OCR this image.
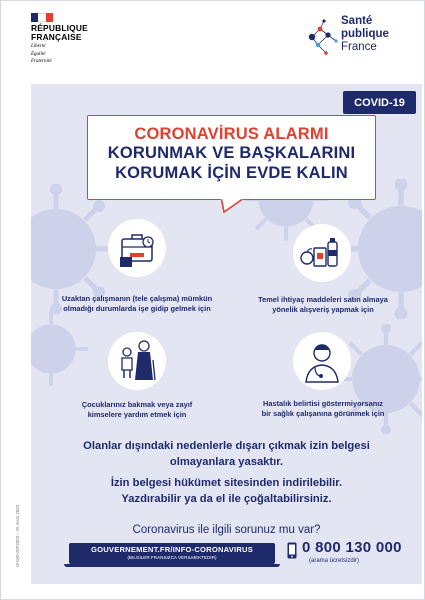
RÉPUBLIQUE
FRANÇAISE
Liberté
Égalité
Fraternité
Santé
publique
France
COVID-19
CORONAVİRUS ALARMI
KORUNMAK VE BAŞKALARINI
KORUMAK İÇİN EVDE KALIN
Uzaktan çalışmanın (tele çalışma) mümkün
olmadığı durumlarda işe gidip gelmek için
Temel ihtiyaç maddeleri satın almaya
yönelik alışveriş yapmak için
Çocuklarınız bakmak veya zayıf
kimselere yardım etmek için
Hastalık belirtisi göstermiyorsanız
bir sağlık çalışanına görünmek için
Olanlar dışındaki nedenlerle dışarı çıkmak izin belgesi
olmayanlara yasaktır.
İzin belgesi hükümet sitesinden indirilebilir.
Yazdırabilir ya da el ile çoğaltabilirsiniz.
Coronavirus ile ilgili sorunuz mu var?
GOUVERNEMENT.FR/INFO-CORONAVIRUS
(BILGILER FRANSIZCA VERILMEKTEDIR)
0 800 130 000
(arama ücretsizdir)
W-040-20F2003 – 25 mars 2020
